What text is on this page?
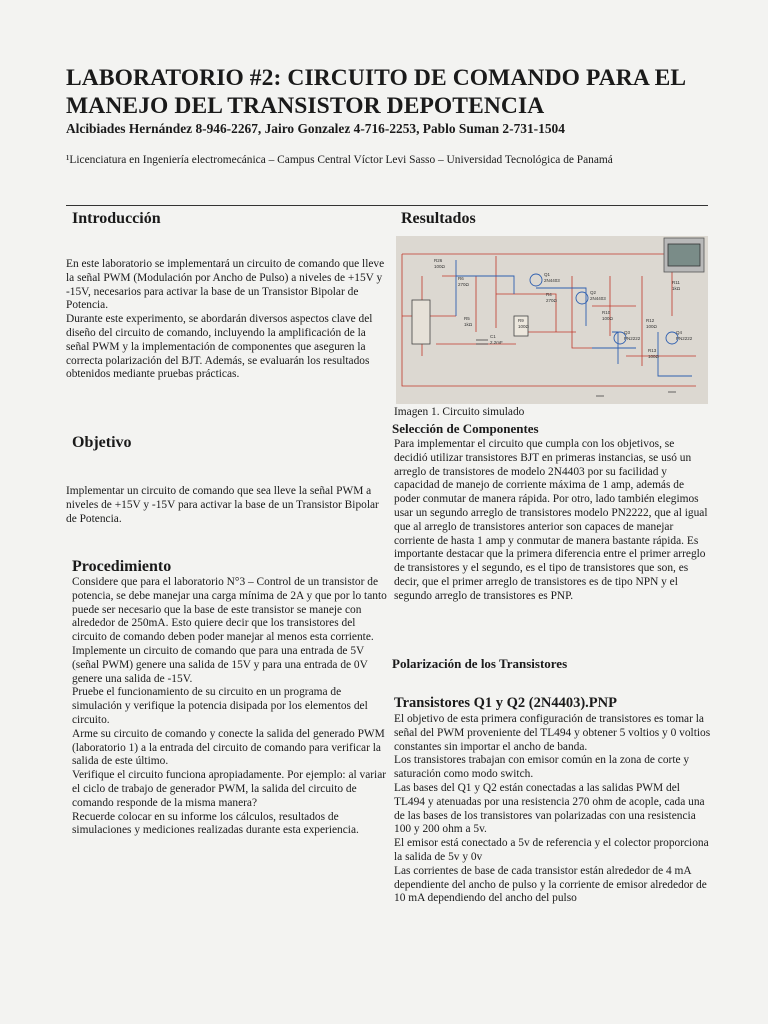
LABORATORIO #2: CIRCUITO DE COMANDO PARA EL MANEJO DEL TRANSISTOR DEPOTENCIA
Alcibiades Hernández 8-946-2267, Jairo Gonzalez 4-716-2253, Pablo Suman 2-731-1504
¹Licenciatura en Ingeniería electromecánica – Campus Central Víctor Levi Sasso – Universidad Tecnológica de Panamá
Introducción

En este laboratorio se implementará un circuito de comando que lleve la señal PWM (Modulación por Ancho de Pulso) a niveles de +15V y -15V, necesarios para activar la base de un Transistor Bipolar de Potencia.

Durante este experimento, se abordarán diversos aspectos clave del diseño del circuito de comando, incluyendo la amplificación de la señal PWM y la implementación de componentes que aseguren la correcta polarización del BJT. Además, se evaluarán los resultados obtenidos mediante pruebas prácticas.

Objetivo

Implementar un circuito de comando que sea lleve la señal PWM a niveles de +15V y -15V para activar la base de un Transistor Bipolar de Potencia.

Procedimiento

Considere que para el laboratorio N°3 – Control de un transistor de potencia, se debe manejar una carga mínima de 2A y que por lo tanto puede ser necesario que la base de este transistor se maneje con alrededor de 250mA. Esto quiere decir que los transistores del circuito de comando deben poder manejar al menos esta corriente.

Implemente un circuito de comando que para una entrada de 5V (señal PWM) genere una salida de 15V y para una entrada de 0V genere una salida de -15V.

Pruebe el funcionamiento de su circuito en un programa de simulación y verifique la potencia disipada por los elementos del circuito.

Arme su circuito de comando y conecte la salida del generado PWM (laboratorio 1) a la entrada del circuito de comando para verificar la salida de este último.

Verifique el circuito funciona apropiadamente. Por ejemplo: al variar el ciclo de trabajo de generador PWM, la salida del circuito de comando responde de la misma manera?

Recuerde colocar en su informe los cálculos, resultados de simulaciones y mediciones realizadas durante esta experiencia.

Resultados
R26
100Ω
R6
270Ω
R4
270Ω
Q1
2N4403
Q2
2N4403
R5
1kΩ
R9
100Ω
C1
2.2mF
R10
100Ω
Q3
PN2222
Q4
PN2222
R12
100Ω
R13
100Ω
R11
1kΩ
Imagen 1. Circuito simulado
Selección de Componentes

Para implementar el circuito que cumpla con los objetivos, se decidió utilizar transistores BJT en primeras instancias, se usó un arreglo de transistores de modelo 2N4403 por su facilidad y capacidad de manejo de corriente máxima de 1 amp, además de poder conmutar de manera rápida. Por otro, lado también elegimos usar un segundo arreglo de transistores modelo PN2222, que al igual que al arreglo de transistores anterior son capaces de manejar corriente de hasta 1 amp y conmutar de manera bastante rápida. Es importante destacar que la primera diferencia entre el primer arreglo de transistores y el segundo, es el tipo de transistores que son, es decir, que el primer arreglo de transistores es de tipo NPN y el segundo arreglo de transistores es PNP.

Polarización de los Transistores
Transistores Q1 y Q2 (2N4403).PNP

El objetivo de esta primera configuración de transistores es tomar la señal del PWM proveniente del TL494 y obtener 5 voltios y 0 voltios constantes sin importar el ancho de banda.

Los transistores trabajan con emisor común en la zona de corte y saturación como modo switch.

Las bases del Q1 y Q2 están conectadas a las salidas PWM del TL494 y atenuadas por una resistencia 270 ohm de acople, cada una de las bases de los transistores van polarizadas con una resistencia 100 y 200 ohm a 5v.

El emisor está conectado a 5v de referencia y el colector proporciona la salida de 5v y 0v

Las corrientes de base de cada transistor están alrededor de 4 mA dependiente del ancho de pulso y la corriente de emisor alrededor de 10 mA dependiendo del ancho del pulso
